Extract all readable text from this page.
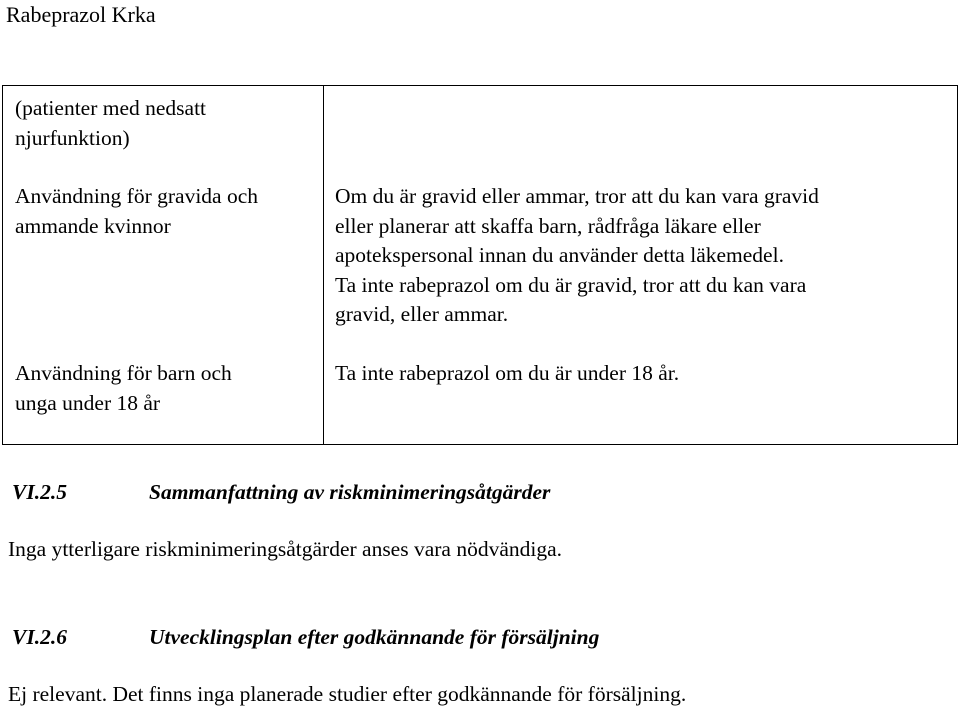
Rabeprazol Krka
(patienter med nedsatt
njurfunktion)
Användning för gravida och
ammande kvinnor
Om du är gravid eller ammar, tror att du kan vara gravid
eller planerar att skaffa barn, rådfråga läkare eller
apotekspersonal innan du använder detta läkemedel.
Ta inte rabeprazol om du är gravid, tror att du kan vara
gravid, eller ammar.
Användning för barn och
unga under 18 år
Ta inte rabeprazol om du är under 18 år.
VI.2.5	Sammanfattning av riskminimeringsåtgärder
Inga ytterligare riskminimeringsåtgärder anses vara nödvändiga.
VI.2.6	Utvecklingsplan efter godkännande för försäljning
Ej relevant. Det finns inga planerade studier efter godkännande för försäljning.
